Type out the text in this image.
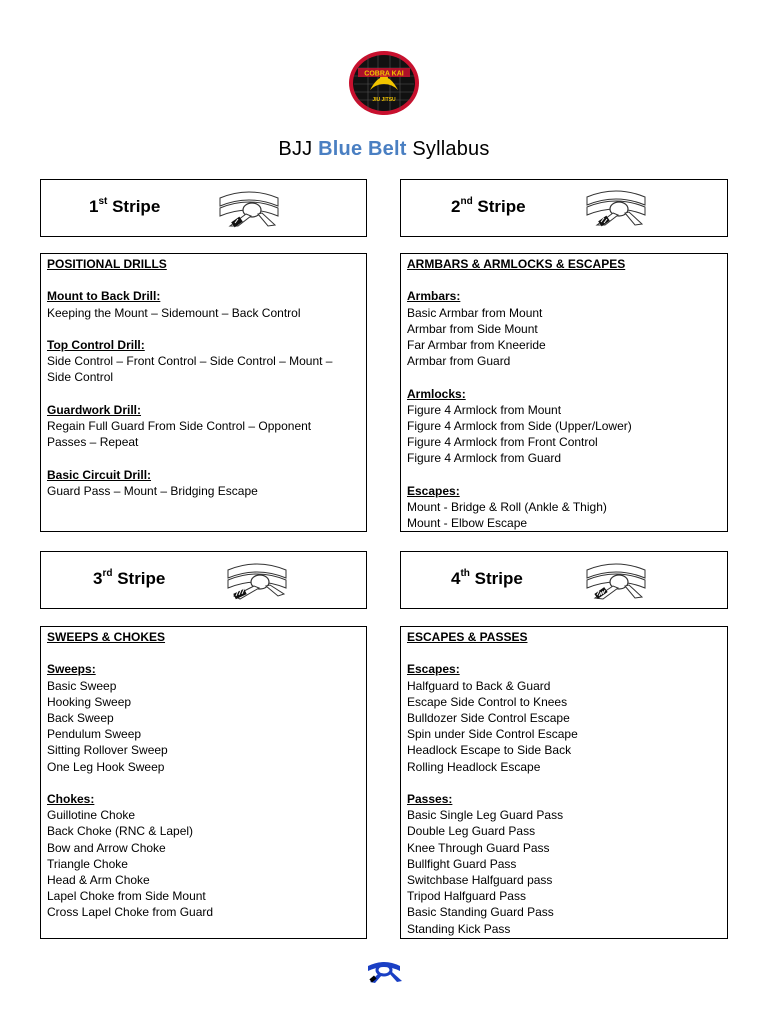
COBRA KAI
JIU JITSU
BJJ Blue Belt Syllabus
1st Stripe	2nd Stripe
3rd Stripe	4th Stripe
POSITIONAL DRILLS
Mount to Back Drill:
Keeping the Mount – Sidemount – Back Control
Top Control Drill:
Side Control – Front Control – Side Control – Mount –
Side Control
Guardwork Drill:
Regain Full Guard From Side Control – Opponent
Passes – Repeat
Basic Circuit Drill:
Guard Pass – Mount – Bridging Escape
ARMBARS & ARMLOCKS & ESCAPES
Armbars:
Basic Armbar from Mount
Armbar from Side Mount
Far Armbar from Kneeride
Armbar from Guard
Armlocks:
Figure 4 Armlock from Mount
Figure 4 Armlock from Side (Upper/Lower)
Figure 4 Armlock from Front Control
Figure 4 Armlock from Guard
Escapes:
Mount - Bridge & Roll (Ankle & Thigh)
Mount - Elbow Escape
SWEEPS & CHOKES
Sweeps:
Basic Sweep
Hooking Sweep
Back Sweep
Pendulum Sweep
Sitting Rollover Sweep
One Leg Hook Sweep
Chokes:
Guillotine Choke
Back Choke (RNC & Lapel)
Bow and Arrow Choke
Triangle Choke
Head & Arm Choke
Lapel Choke from Side Mount
Cross Lapel Choke from Guard
ESCAPES & PASSES
Escapes:
Halfguard to Back & Guard
Escape Side Control to Knees
Bulldozer Side Control Escape
Spin under Side Control Escape
Headlock Escape to Side Back
Rolling Headlock Escape
Passes:
Basic Single Leg Guard Pass
Double Leg Guard Pass
Knee Through Guard Pass
Bullfight Guard Pass
Switchbase Halfguard pass
Tripod Halfguard Pass
Basic Standing Guard Pass
Standing Kick Pass
